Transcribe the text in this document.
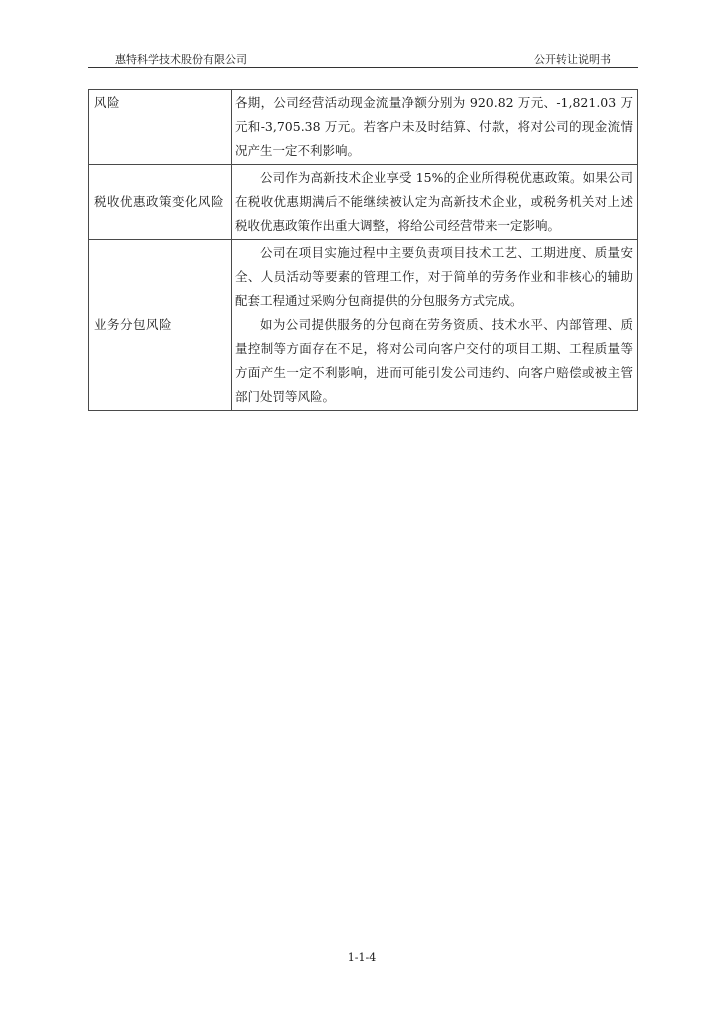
惠特科学技术股份有限公司	公开转让说明书
风险	各期，公司经营活动现金流量净额分别为 920.82 万元、-1,821.03 万元和-3,705.38 万元。若客户未及时结算、付款，将对公司的现金流情况产生一定不利影响。

税收优惠政策变化风险	公司作为高新技术企业享受 15%的企业所得税优惠政策。如果公司在税收优惠期满后不能继续被认定为高新技术企业，或税务机关对上述税收优惠政策作出重大调整，将给公司经营带来一定影响。

业务分包风险	公司在项目实施过程中主要负责项目技术工艺、工期进度、质量安全、人员活动等要素的管理工作，对于简单的劳务作业和非核心的辅助配套工程通过采购分包商提供的分包服务方式完成。

如为公司提供服务的分包商在劳务资质、技术水平、内部管理、质量控制等方面存在不足，将对公司向客户交付的项目工期、工程质量等方面产生一定不利影响，进而可能引发公司违约、向客户赔偿或被主管部门处罚等风险。

1-1-4
